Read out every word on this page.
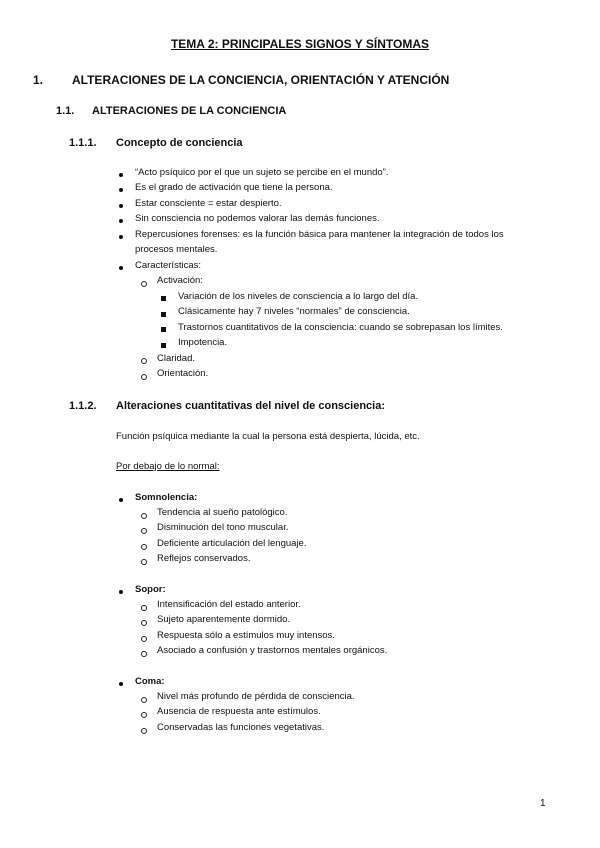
TEMA 2: PRINCIPALES SIGNOS Y SÍNTOMAS
1. ALTERACIONES DE LA CONCIENCIA, ORIENTACIÓN Y ATENCIÓN
1.1. ALTERACIONES DE LA CONCIENCIA
1.1.1. Concepto de conciencia
“Acto psíquico por el que un sujeto se percibe en el mundo”.
Es el grado de activación que tiene la persona.
Estar consciente = estar despierto.
Sin consciencia no podemos valorar las demás funciones.
Repercusiones forenses: es la función básica para mantener la integración de todos los
procesos mentales.
Características:
Activación:
Variación de los niveles de consciencia a lo largo del día.
Clásicamente hay 7 niveles “normales” de consciencia.
Trastornos cuantitativos de la consciencia: cuando se sobrepasan los límites.
Impotencia.
Claridad.
Orientación.
1.1.2. Alteraciones cuantitativas del nivel de consciencia:
Función psíquica mediante la cual la persona está despierta, lúcida, etc.
Por debajo de lo normal:
Somnolencia:
Tendencia al sueño patológico.
Disminución del tono muscular.
Deficiente articulación del lenguaje.
Reflejos conservados.
Sopor:
Intensificación del estado anterior.
Sujeto aparentemente dormido.
Respuesta sólo a estímulos muy intensos.
Asociado a confusión y trastornos mentales orgánicos.
Coma:
Nivel más profundo de pérdida de consciencia.
Ausencia de respuesta ante estímulos.
Conservadas las funciones vegetativas.
1
